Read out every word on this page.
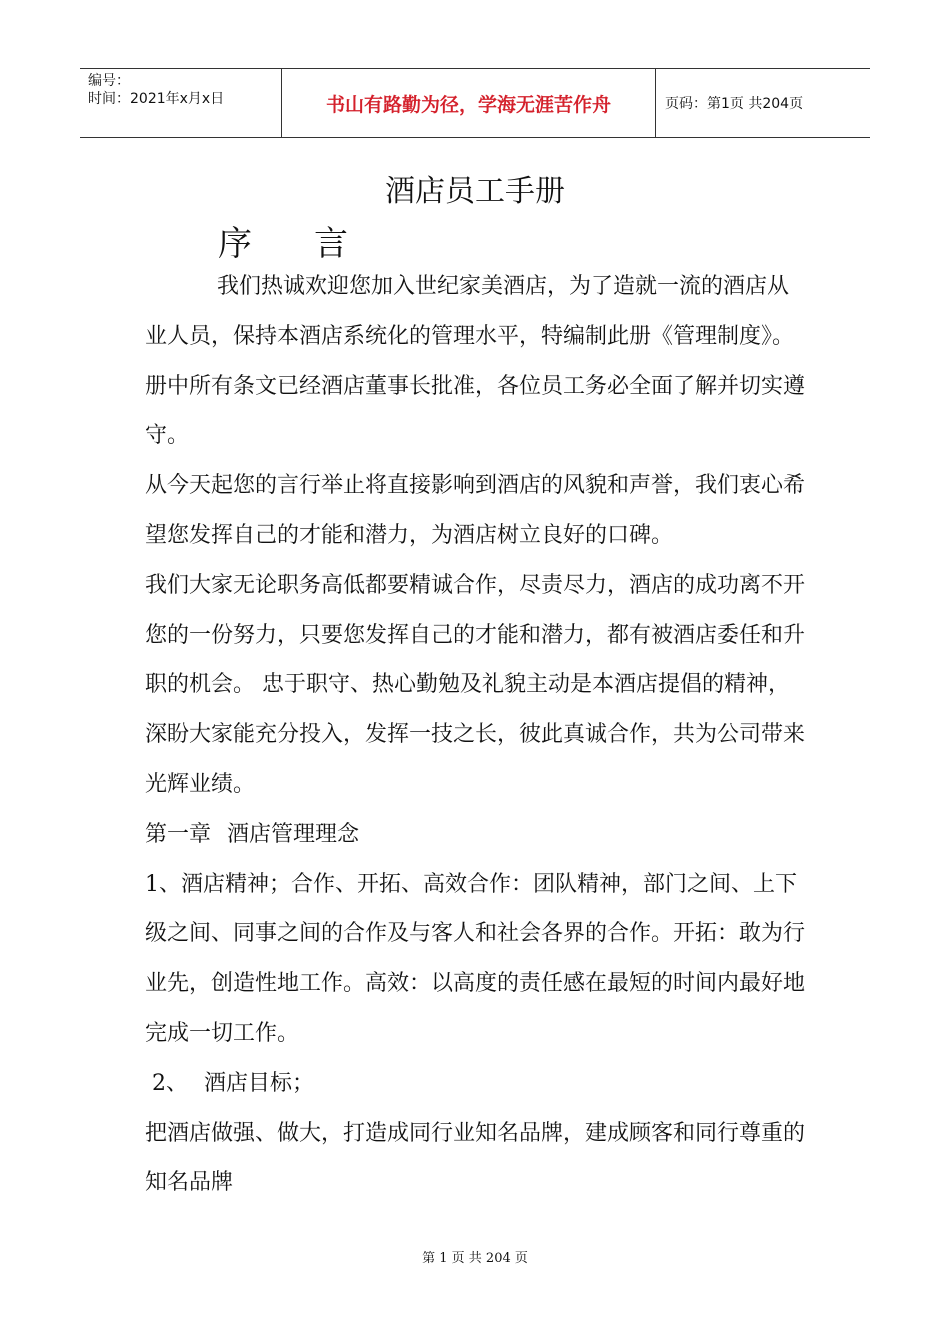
编号：
时间：2021年x月x日	书山有路勤为径，学海无涯苦作舟	页码：第1页 共204页
酒店员工手册
序言

我们热诚欢迎您加入世纪家美酒店，为了造就一流的酒店从业人员，保持本酒店系统化的管理水平，特编制此册《管理制度》。册中所有条文已经酒店董事长批准，各位员工务必全面了解并切实遵守。

从今天起您的言行举止将直接影响到酒店的风貌和声誉，我们衷心希望您发挥自己的才能和潜力，为酒店树立良好的口碑。

我们大家无论职务高低都要精诚合作，尽责尽力，酒店的成功离不开您的一份努力，只要您发挥自己的才能和潜力，都有被酒店委任和升职的机会。 忠于职守、热心勤勉及礼貌主动是本酒店提倡的精神，深盼大家能充分投入，发挥一技之长，彼此真诚合作，共为公司带来光辉业绩。

第一章 酒店管理理念

1、酒店精神；合作、开拓、高效合作：团队精神，部门之间、上下级之间、同事之间的合作及与客人和社会各界的合作。开拓：敢为行业先，创造性地工作。高效：以高度的责任感在最短的时间内最好地完成一切工作。

2、 酒店目标；

把酒店做强、做大，打造成同行业知名品牌，建成顾客和同行尊重的知名品牌

第 1 页 共 204 页
